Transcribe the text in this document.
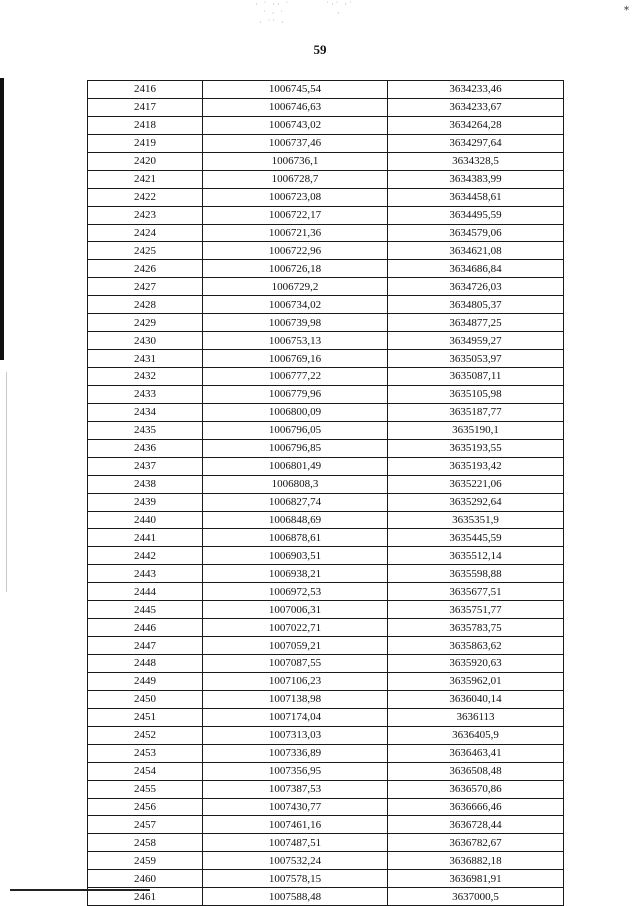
· ˙ ·· ˙         ˙·˙ ·˙
˙ · ˙             ·
· ˙˙ ·
⁎
59
2416	1006745,54	3634233,46
2417	1006746,63	3634233,67
2418	1006743,02	3634264,28
2419	1006737,46	3634297,64
2420	1006736,1	3634328,5
2421	1006728,7	3634383,99
2422	1006723,08	3634458,61
2423	1006722,17	3634495,59
2424	1006721,36	3634579,06
2425	1006722,96	3634621,08
2426	1006726,18	3634686,84
2427	1006729,2	3634726,03
2428	1006734,02	3634805,37
2429	1006739,98	3634877,25
2430	1006753,13	3634959,27
2431	1006769,16	3635053,97
2432	1006777,22	3635087,11
2433	1006779,96	3635105,98
2434	1006800,09	3635187,77
2435	1006796,05	3635190,1
2436	1006796,85	3635193,55
2437	1006801,49	3635193,42
2438	1006808,3	3635221,06
2439	1006827,74	3635292,64
2440	1006848,69	3635351,9
2441	1006878,61	3635445,59
2442	1006903,51	3635512,14
2443	1006938,21	3635598,88
2444	1006972,53	3635677,51
2445	1007006,31	3635751,77
2446	1007022,71	3635783,75
2447	1007059,21	3635863,62
2448	1007087,55	3635920,63
2449	1007106,23	3635962,01
2450	1007138,98	3636040,14
2451	1007174,04	3636113
2452	1007313,03	3636405,9
2453	1007336,89	3636463,41
2454	1007356,95	3636508,48
2455	1007387,53	3636570,86
2456	1007430,77	3636666,46
2457	1007461,16	3636728,44
2458	1007487,51	3636782,67
2459	1007532,24	3636882,18
2460	1007578,15	3636981,91
2461	1007588,48	3637000,5
